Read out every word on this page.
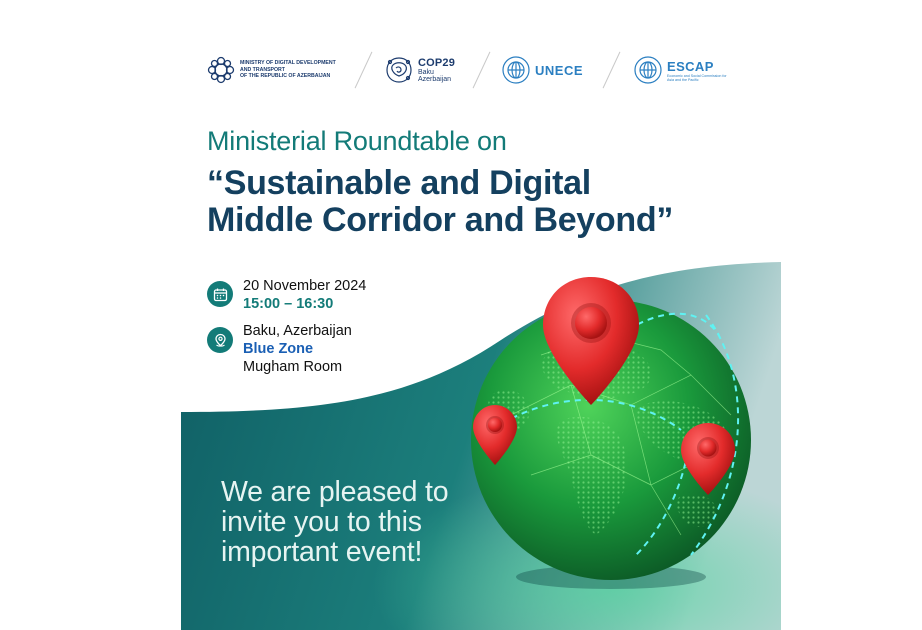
MINISTRY OF DIGITAL DEVELOPMENT
AND TRANSPORT
OF THE REPUBLIC OF AZERBAIJAN
COP29
Baku
Azerbaijan
UNECE	ESCAP
Economic and Social Commission for Asia and the Pacific
Ministerial Roundtable on
“Sustainable and Digital
Middle Corridor and Beyond”
20 November 2024
15:00 – 16:30
Baku, Azerbaijan
Blue Zone
Mugham Room
We are pleased to
invite you to this
important event!
